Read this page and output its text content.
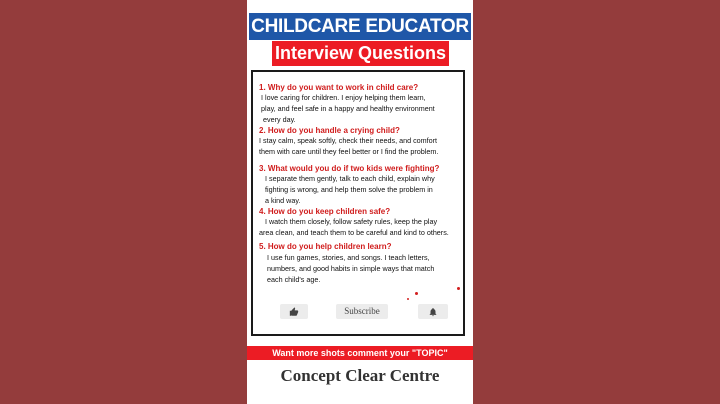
CHILDCARE EDUCATOR
Interview Questions
1. Why do you want to work in child care?
I love caring for children. I enjoy helping them learn,
play, and feel safe in a happy and healthy environment
every day.
2. How do you handle a crying child?
I stay calm, speak softly, check their needs, and comfort
them with care until they feel better or I find the problem.
3. What would you do if two kids were fighting?
I separate them gently, talk to each child, explain why
fighting is wrong, and help them solve the problem in
a kind way.
4. How do you keep children safe?
I watch them closely, follow safety rules, keep the play
area clean, and teach them to be careful and kind to others.
5. How do you help children learn?
I use fun games, stories, and songs. I teach letters,
numbers, and good habits in simple ways that match
each child's age.
Subscribe
Want more shots comment your "TOPIC"
Concept Clear Centre
